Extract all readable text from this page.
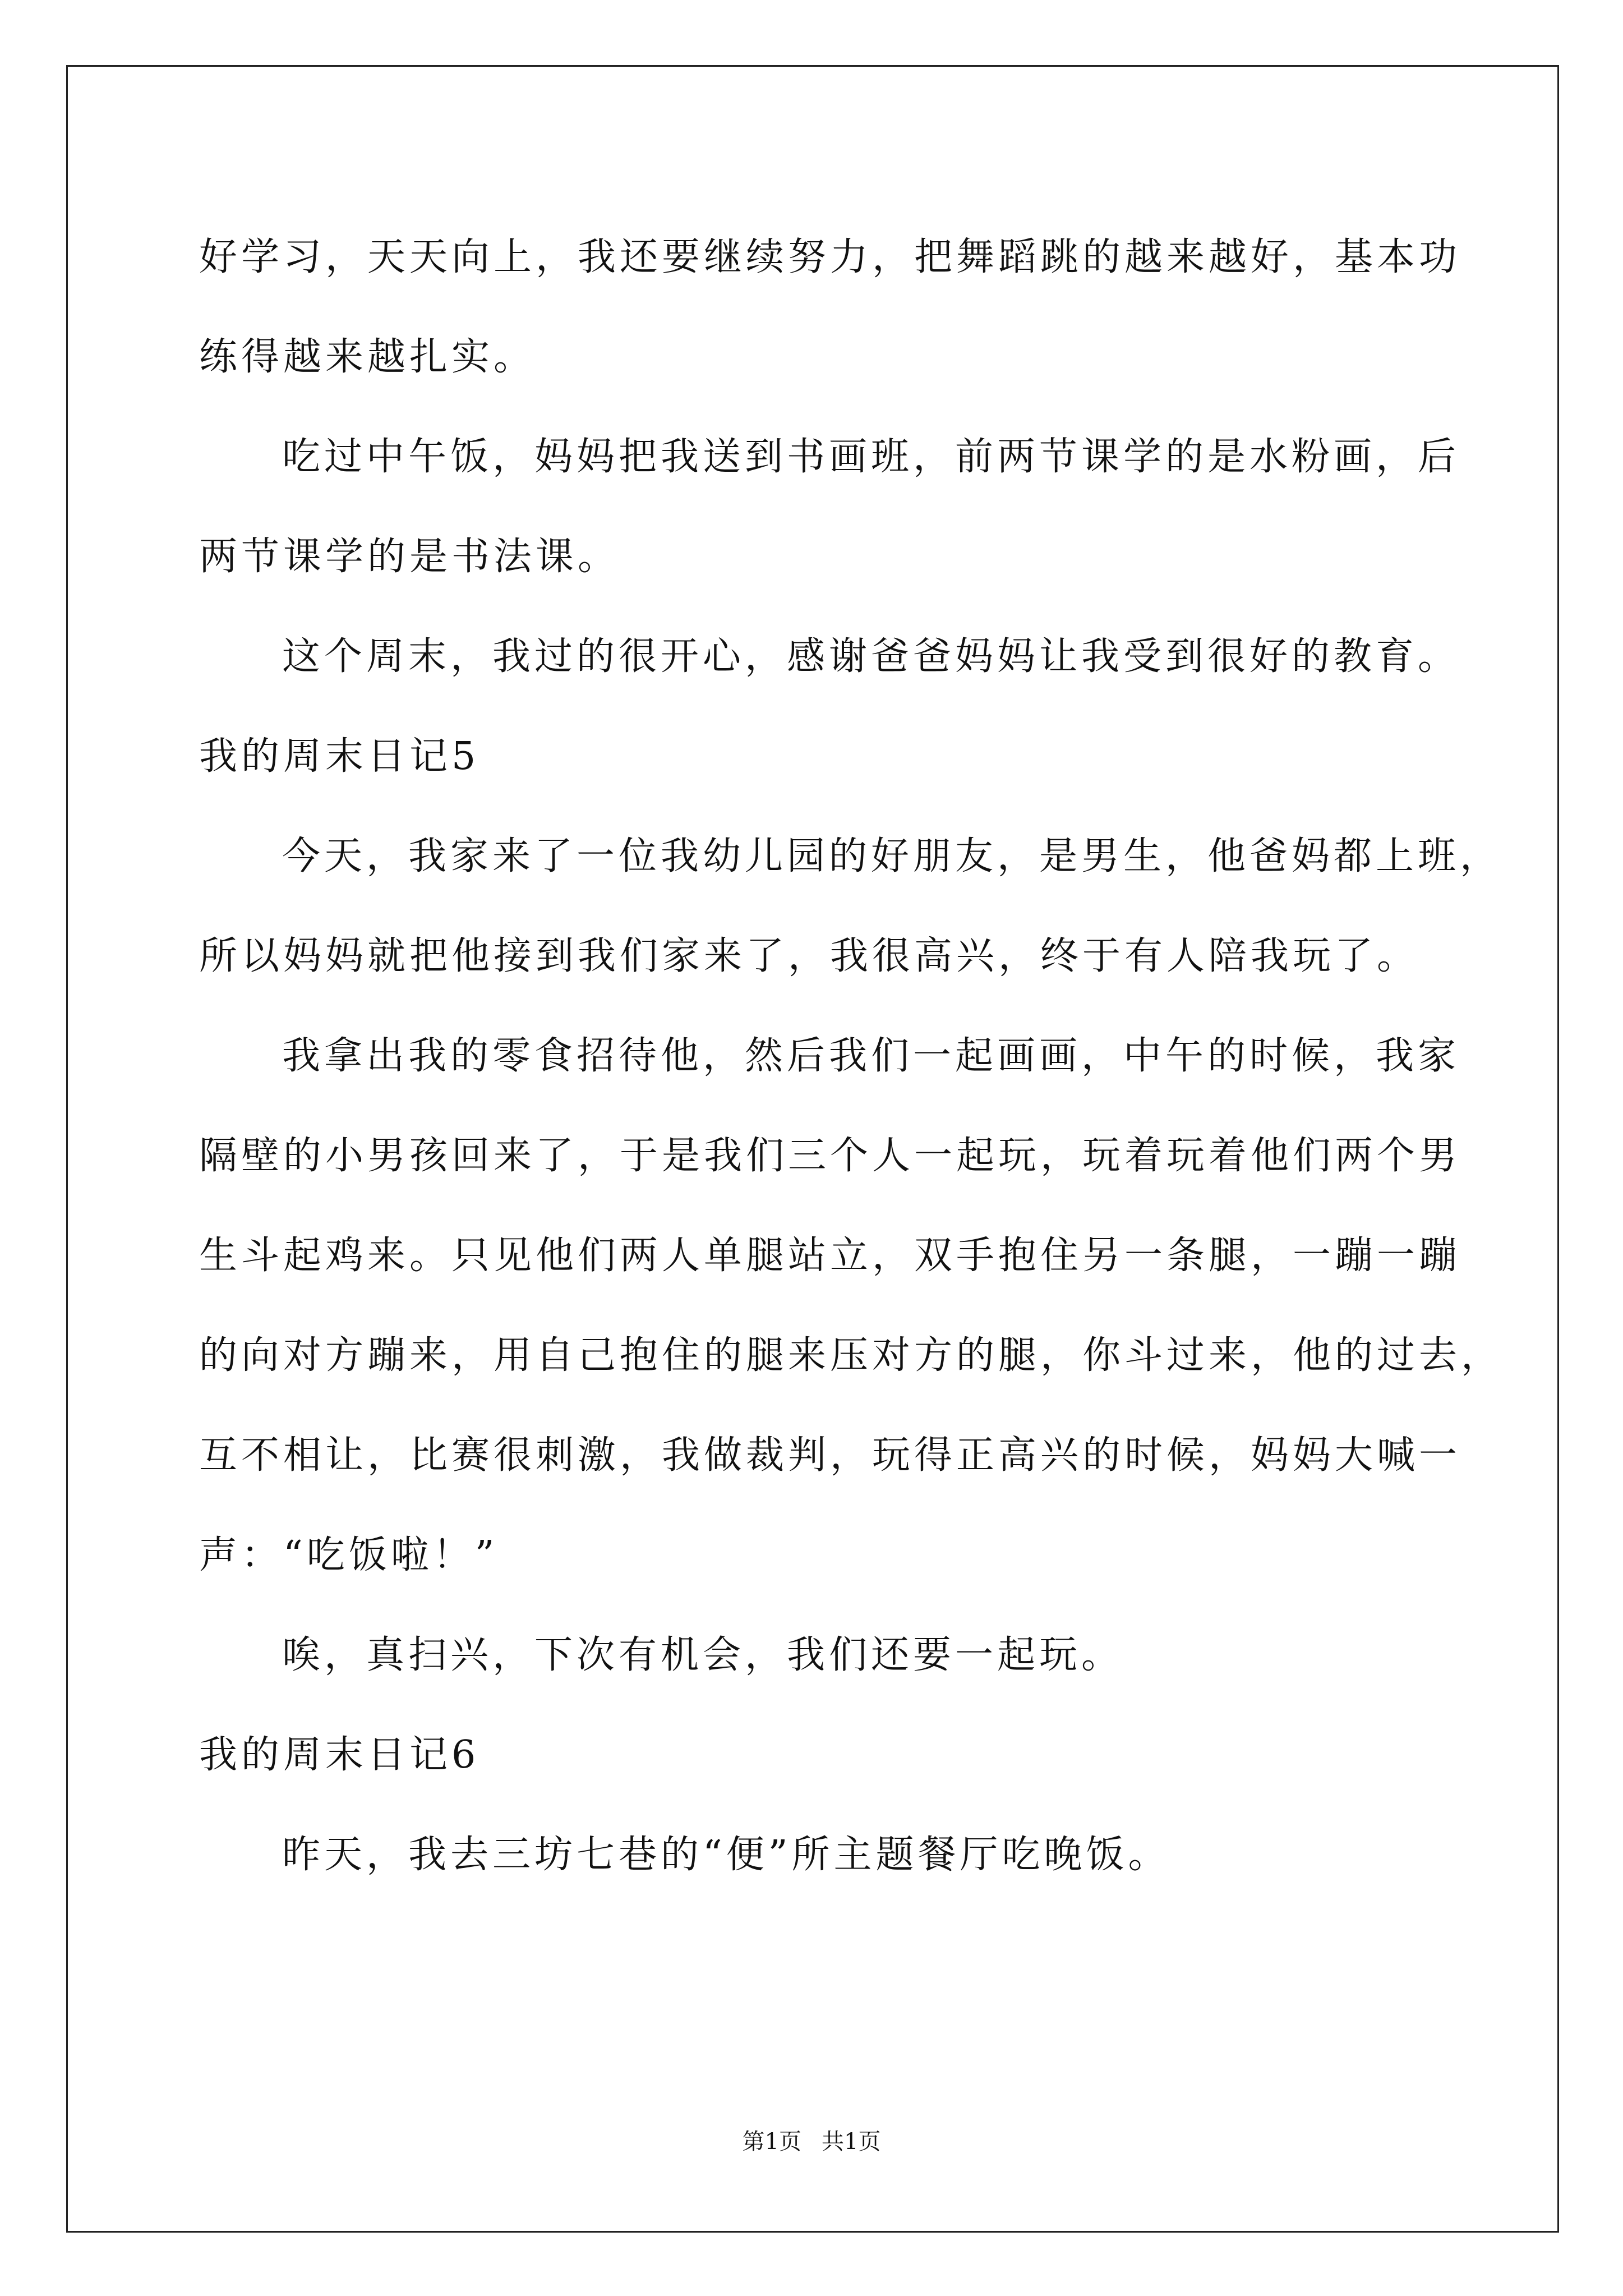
好学习，天天向上，我还要继续努力，把舞蹈跳的越来越好，基本功

练得越来越扎实。

吃过中午饭，妈妈把我送到书画班，前两节课学的是水粉画，后

两节课学的是书法课。

这个周末，我过的很开心，感谢爸爸妈妈让我受到很好的教育。

我的周末日记5

今天，我家来了一位我幼儿园的好朋友，是男生，他爸妈都上班，

所以妈妈就把他接到我们家来了，我很高兴，终于有人陪我玩了。

我拿出我的零食招待他，然后我们一起画画，中午的时候，我家

隔壁的小男孩回来了，于是我们三个人一起玩，玩着玩着他们两个男

生斗起鸡来。只见他们两人单腿站立，双手抱住另一条腿，一蹦一蹦

的向对方蹦来，用自己抱住的腿来压对方的腿，你斗过来，他的过去，

互不相让，比赛很刺激，我做裁判，玩得正高兴的时候，妈妈大喊一

声：“吃饭啦！”

唉，真扫兴，下次有机会，我们还要一起玩。

我的周末日记6

昨天，我去三坊七巷的“便”所主题餐厅吃晚饭。

第1页 共1页
